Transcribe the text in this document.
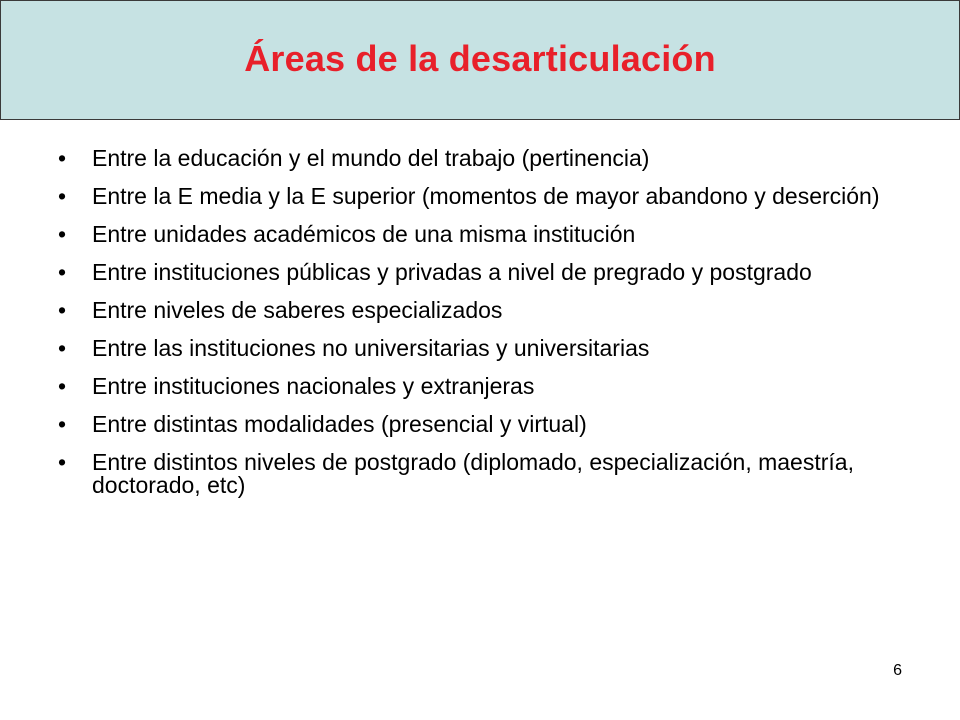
Áreas de la desarticulación
• Entre la educación y el mundo del trabajo (pertinencia)
• Entre la E media y la E superior (momentos de mayor abandono y deserción)
• Entre unidades académicos de una misma institución
• Entre instituciones públicas y privadas a nivel de pregrado y postgrado
• Entre niveles de saberes especializados
• Entre las instituciones no universitarias y universitarias
• Entre instituciones nacionales y extranjeras
• Entre distintas modalidades (presencial y virtual)
• Entre distintos niveles de postgrado (diplomado, especialización, maestría, doctorado, etc)
6
